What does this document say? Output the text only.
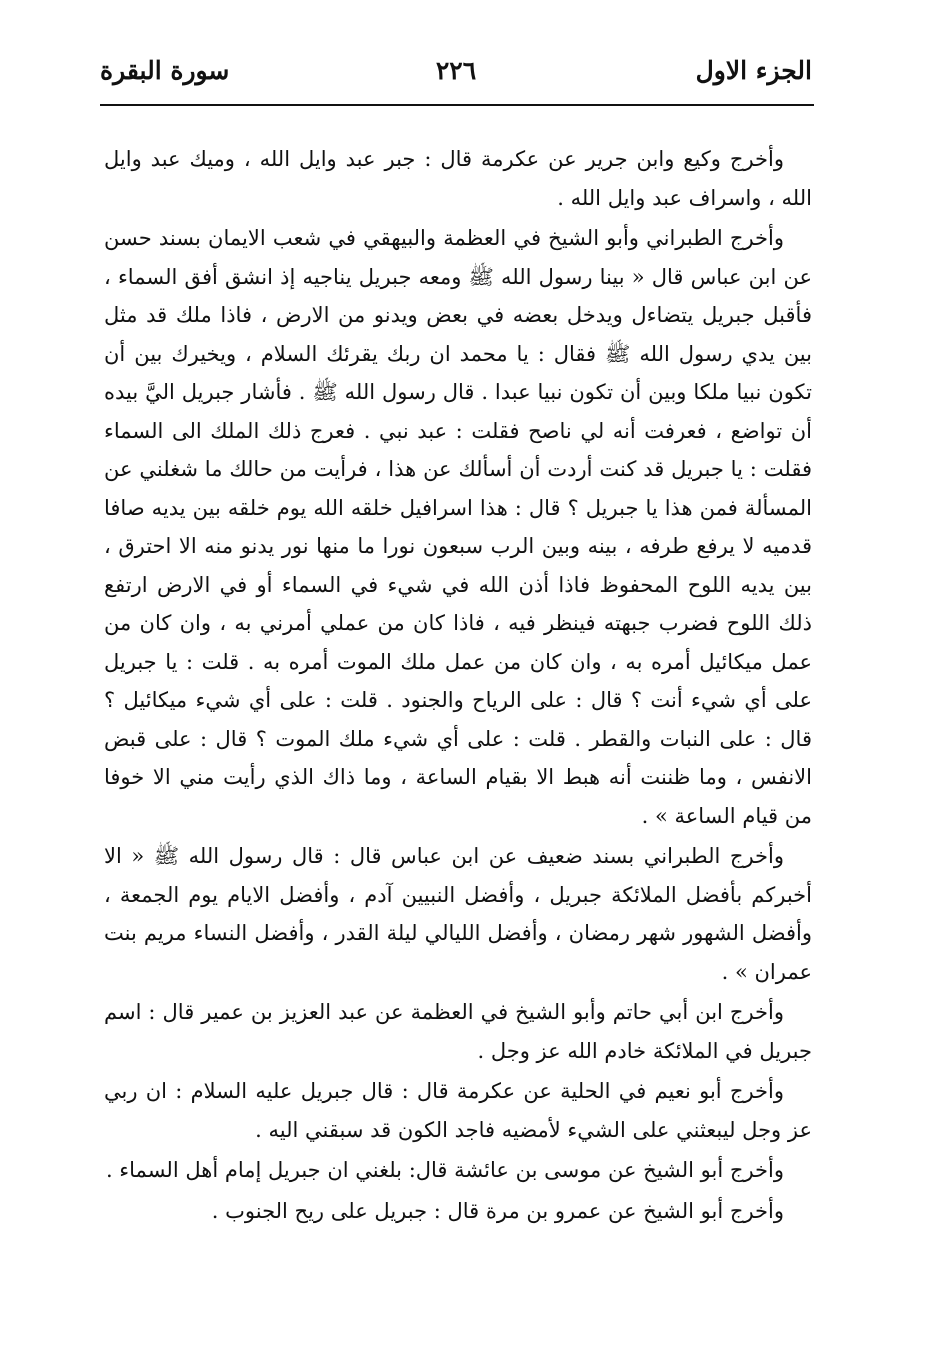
الجزء الاول
٢٢٦
سورة البقرة

وأخرج وكيع وابن جرير عن عكرمة قال : جبر عبد وايل الله ، وميك عبد وايل الله ، واسراف عبد وايل الله .

وأخرج الطبراني وأبو الشيخ في العظمة والبيهقي في شعب الايمان بسند حسن عن ابن عباس قال « بينا رسول الله ﷺ ومعه جبريل يناجيه إذ انشق أفق السماء ، فأقبل جبريل يتضاءل ويدخل بعضه في بعض ويدنو من الارض ، فاذا ملك قد مثل بين يدي رسول الله ﷺ فقال : يا محمد ان ربك يقرئك السلام ، ويخيرك بين أن تكون نبيا ملكا وبين أن تكون نبيا عبدا . قال رسول الله ﷺ . فأشار جبريل اليَّ بيده أن تواضع ، فعرفت أنه لي ناصح فقلت : عبد نبي . فعرج ذلك الملك الى السماء فقلت : يا جبريل قد كنت أردت أن أسألك عن هذا ، فرأيت من حالك ما شغلني عن المسألة فمن هذا يا جبريل ؟ قال : هذا اسرافيل خلقه الله يوم خلقه بين يديه صافا قدميه لا يرفع طرفه ، بينه وبين الرب سبعون نورا ما منها نور يدنو منه الا احترق ، بين يديه اللوح المحفوظ فاذا أذن الله في شيء في السماء أو في الارض ارتفع ذلك اللوح فضرب جبهته فينظر فيه ، فاذا كان من عملي أمرني به ، وان كان من عمل ميكائيل أمره به ، وان كان من عمل ملك الموت أمره به . قلت : يا جبريل على أي شيء أنت ؟ قال : على الرياح والجنود . قلت : على أي شيء ميكائيل ؟ قال : على النبات والقطر . قلت : على أي شيء ملك الموت ؟ قال : على قبض الانفس ، وما ظننت أنه هبط الا بقيام الساعة ، وما ذاك الذي رأيت مني الا خوفا من قيام الساعة » .

وأخرج الطبراني بسند ضعيف عن ابن عباس قال : قال رسول الله ﷺ « الا أخبركم بأفضل الملائكة جبريل ، وأفضل النبيين آدم ، وأفضل الايام يوم الجمعة ، وأفضل الشهور شهر رمضان ، وأفضل الليالي ليلة القدر ، وأفضل النساء مريم بنت عمران » .

وأخرج ابن أبي حاتم وأبو الشيخ في العظمة عن عبد العزيز بن عمير قال : اسم جبريل في الملائكة خادم الله عز وجل .

وأخرج أبو نعيم في الحلية عن عكرمة قال : قال جبريل عليه السلام : ان ربي عز وجل ليبعثني على الشيء لأمضيه فاجد الكون قد سبقني اليه .

وأخرج أبو الشيخ عن موسى بن عائشة قال: بلغني ان جبريل إمام أهل السماء .

وأخرج أبو الشيخ عن عمرو بن مرة قال : جبريل على ريح الجنوب .
